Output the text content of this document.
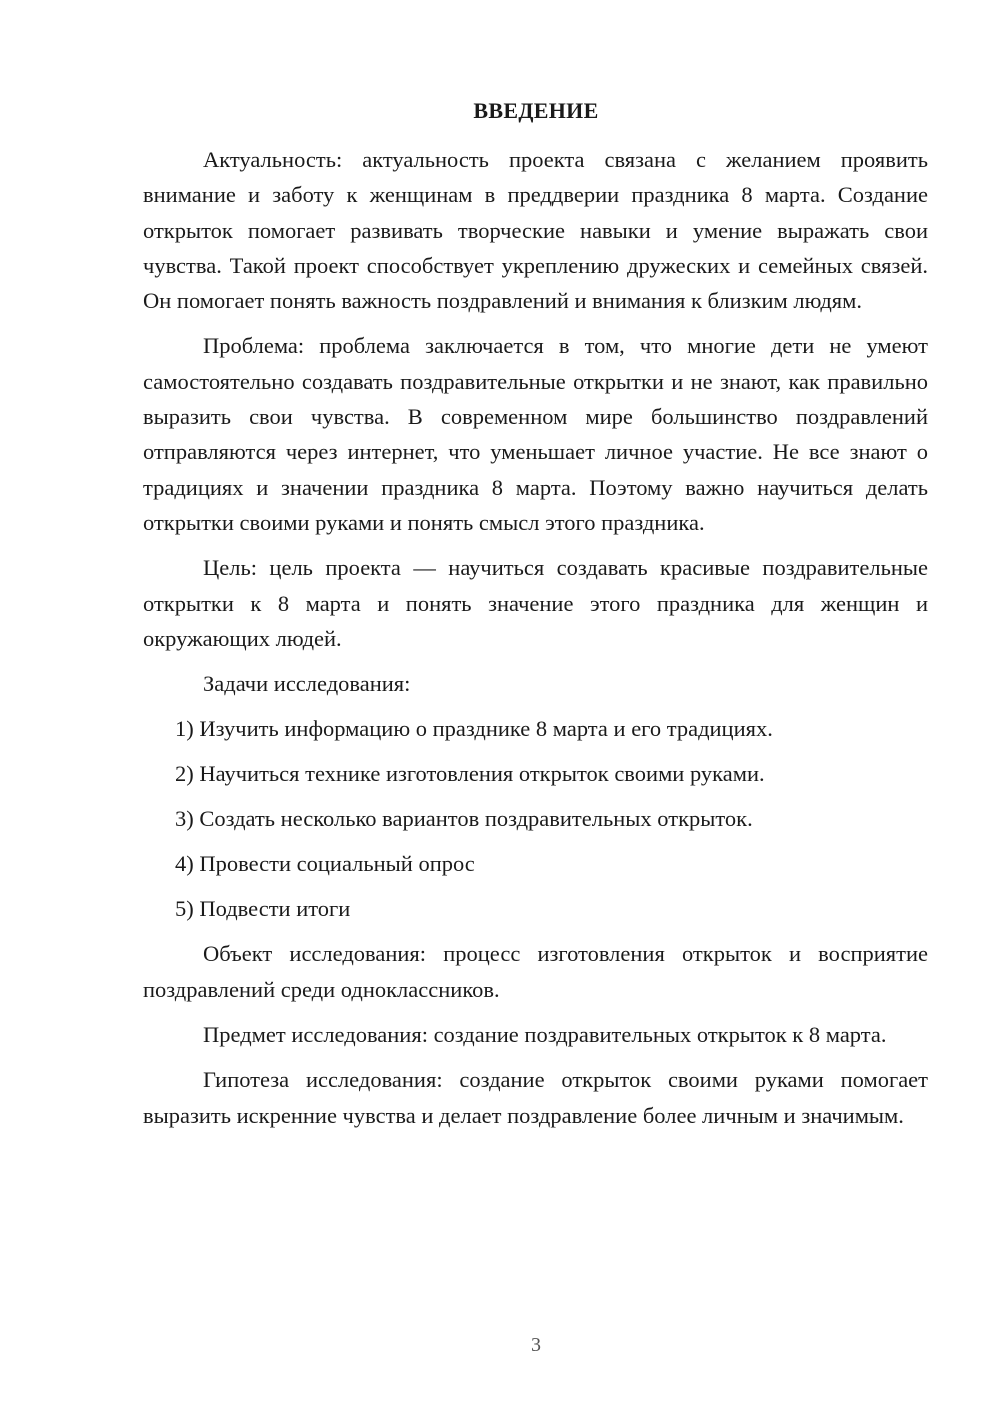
ВВЕДЕНИЕ

Актуальность: актуальность проекта связана с желанием проявить внимание и заботу к женщинам в преддверии праздника 8 марта. Создание открыток помогает развивать творческие навыки и умение выражать свои чувства. Такой проект способствует укреплению дружеских и семейных связей. Он помогает понять важность поздравлений и внимания к близким людям.

Проблема: проблема заключается в том, что многие дети не умеют самостоятельно создавать поздравительные открытки и не знают, как правильно выразить свои чувства. В современном мире большинство поздравлений отправляются через интернет, что уменьшает личное участие. Не все знают о традициях и значении праздника 8 марта. Поэтому важно научиться делать открытки своими руками и понять смысл этого праздника.

Цель: цель проекта — научиться создавать красивые поздравительные открытки к 8 марта и понять значение этого праздника для женщин и окружающих людей.

Задачи исследования:

1) Изучить информацию о празднике 8 марта и его традициях.
2) Научиться технике изготовления открыток своими руками.
3) Создать несколько вариантов поздравительных открыток.
4) Провести социальный опрос
5) Подвести итоги

Объект исследования: процесс изготовления открыток и восприятие поздравлений среди одноклассников.

Предмет исследования: создание поздравительных открыток к 8 марта.

Гипотеза исследования: создание открыток своими руками помогает выразить искренние чувства и делает поздравление более личным и значимым.

3
